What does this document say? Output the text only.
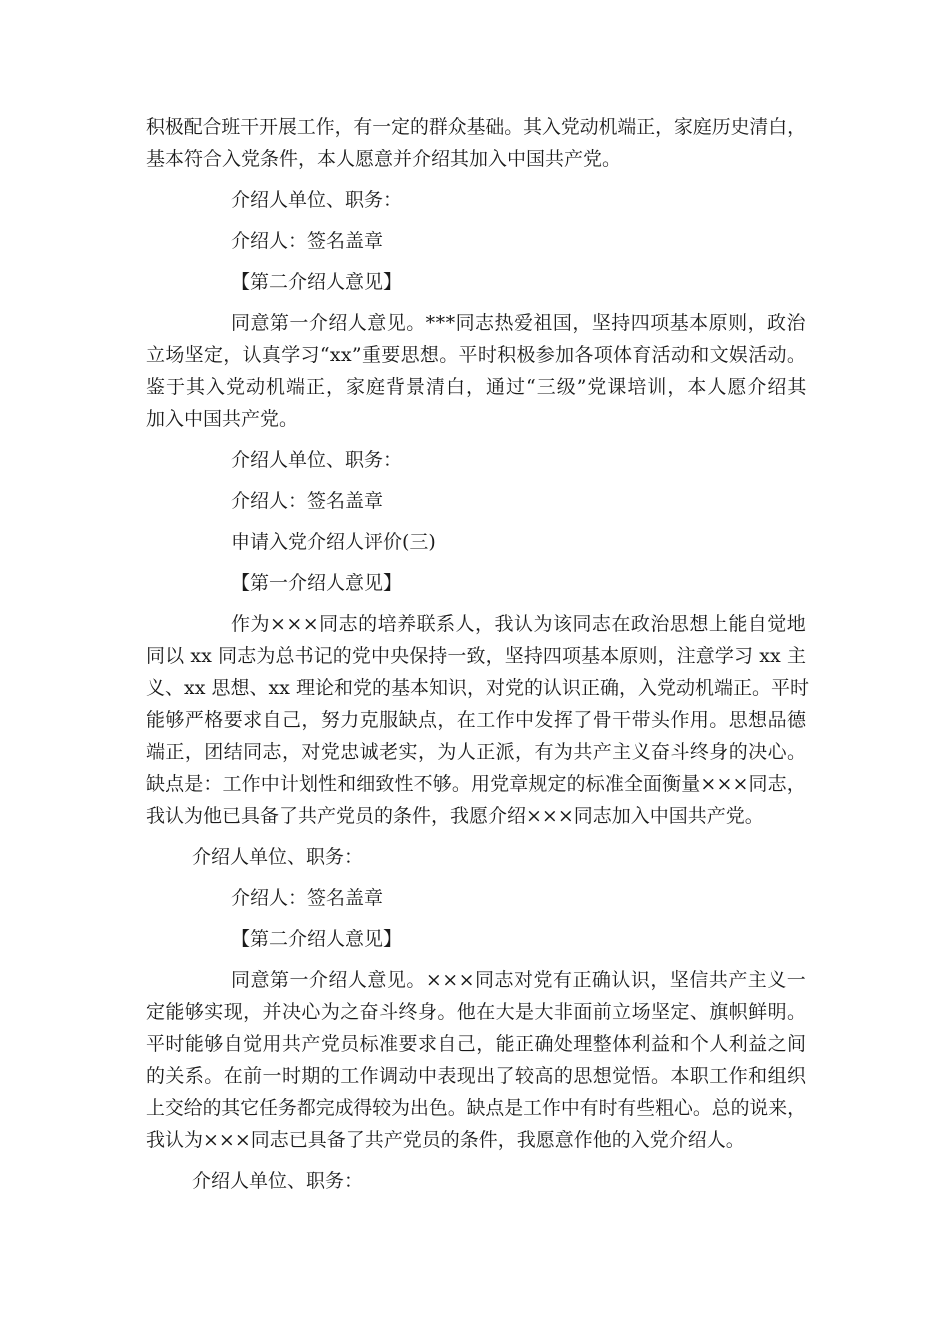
积极配合班干开展工作，有一定的群众基础。其入党动机端正，家庭历史清白，
基本符合入党条件，本人愿意并介绍其加入中国共产党。
介绍人单位、职务：
介绍人：签名盖章
【第二介绍人意见】
同意第一介绍人意见。***同志热爱祖国，坚持四项基本原则，政治
立场坚定，认真学习“xx”重要思想。平时积极参加各项体育活动和文娱活动。
鉴于其入党动机端正，家庭背景清白，通过“三级”党课培训，本人愿介绍其
加入中国共产党。
介绍人单位、职务：
介绍人：签名盖章
申请入党介绍人评价(三)
【第一介绍人意见】
作为×××同志的培养联系人，我认为该同志在政治思想上能自觉地
同以 xx 同志为总书记的党中央保持一致，坚持四项基本原则，注意学习 xx 主
义、xx 思想、xx 理论和党的基本知识，对党的认识正确，入党动机端正。平时
能够严格要求自己，努力克服缺点，在工作中发挥了骨干带头作用。思想品德
端正，团结同志，对党忠诚老实，为人正派，有为共产主义奋斗终身的决心。
缺点是：工作中计划性和细致性不够。用党章规定的标准全面衡量×××同志，
我认为他已具备了共产党员的条件，我愿介绍×××同志加入中国共产党。
介绍人单位、职务：
介绍人：签名盖章
【第二介绍人意见】
同意第一介绍人意见。×××同志对党有正确认识，坚信共产主义一
定能够实现，并决心为之奋斗终身。他在大是大非面前立场坚定、旗帜鲜明。
平时能够自觉用共产党员标准要求自己，能正确处理整体利益和个人利益之间
的关系。在前一时期的工作调动中表现出了较高的思想觉悟。本职工作和组织
上交给的其它任务都完成得较为出色。缺点是工作中有时有些粗心。总的说来，
我认为×××同志已具备了共产党员的条件，我愿意作他的入党介绍人。
介绍人单位、职务：
